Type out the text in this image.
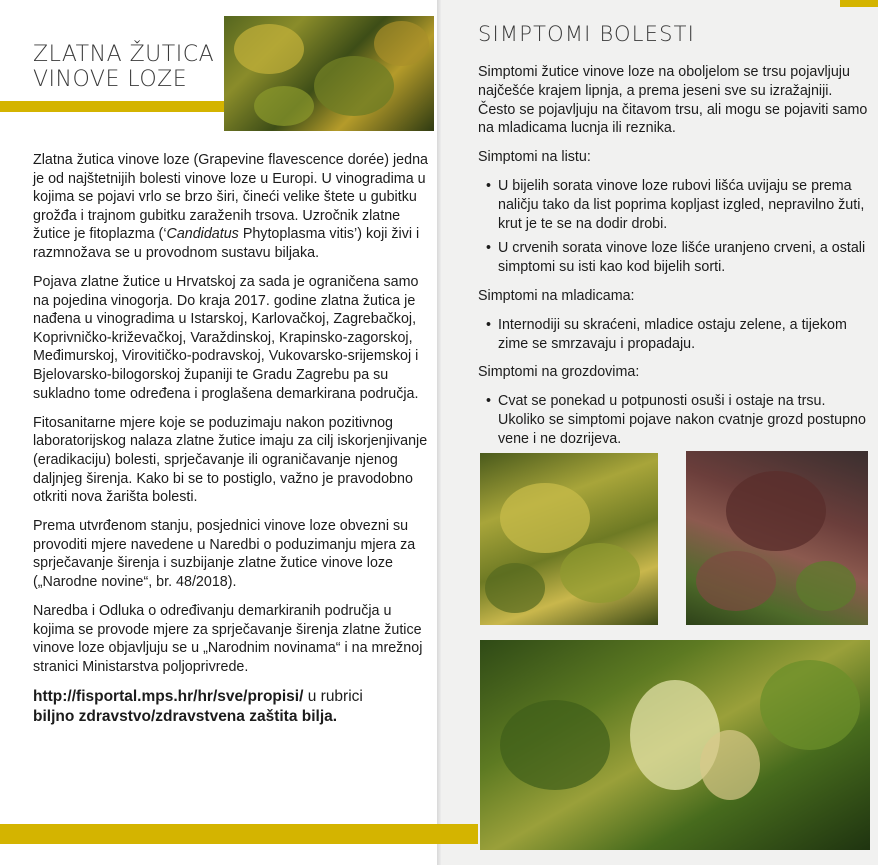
ZLATNA ŽUTICA
VINOVE LOZE

Zlatna žutica vinove loze (Grapevine flavescence dorée) jedna je od najštetnijih bolesti vinove loze u Europi. U vinogradima u kojima se pojavi vrlo se brzo širi, čineći velike štete u gubitku grožđa i trajnom gubitku zaraženih trsova. Uzročnik zlatne žutice je fitoplazma (‘Candidatus Phytoplasma vitis’) koji živi i razmnožava se u provodnom sustavu biljaka.

Pojava zlatne žutice u Hrvatskoj za sada je ograničena samo na pojedina vinogorja. Do kraja 2017. godine zlatna žutica je nađena u vinogradima u Istarskoj, Karlovačkoj, Zagrebačkoj, Koprivničko-križevačkoj, Varaždinskoj, Krapinsko-zagorskoj, Međimurskoj, Virovitičko-podravskoj, Vukovarsko-srijemskoj i Bjelovarsko-bilogorskoj županiji te Gradu Zagrebu pa su sukladno tome određena i proglašena demarkirana područja.

Fitosanitarne mjere koje se poduzimaju nakon pozitivnog laboratorijskog nalaza zlatne žutice imaju za cilj iskorjenjivanje (eradikaciju) bolesti, sprječavanje ili ograničavanje njenog daljnjeg širenja. Kako bi se to postiglo, važno je pravodobno otkriti nova žarišta bolesti.

Prema utvrđenom stanju, posjednici vinove loze obvezni su provoditi mjere navedene u Naredbi o poduzimanju mjera za sprječavanje širenja i suzbijanje zlatne žutice vinove loze („Narodne novine“, br. 48/2018).

Naredba i Odluka o određivanju demarkiranih područja u kojima se provode mjere za sprječavanje širenja zlatne žutice vinove loze objavljuju se u „Narodnim novinama“ i na mrežnoj stranici Ministarstva poljoprivrede.

http://fisportal.mps.hr/hr/sve/propisi/ u rubrici
biljno zdravstvo/zdravstvena zaštita bilja.
SIMPTOMI BOLESTI

Simptomi žutice vinove loze na oboljelom se trsu pojavljuju najčešće krajem lipnja, a prema jeseni sve su izražajniji. Često se pojavljuju na čitavom trsu, ali mogu se pojaviti samo na mladicama lucnja ili reznika.

Simptomi na listu:

• U bijelih sorata vinove loze rubovi lišća uvijaju se prema naličju tako da list poprima kopljast izgled, nepravilno žuti, krut je te se na dodir drobi.
• U crvenih sorata vinove loze lišće uranjeno crveni, a ostali simptomi su isti kao kod bijelih sorti.

Simptomi na mladicama:

• Internodiji su skraćeni, mladice ostaju zelene, a tijekom zime se smrzavaju i propadaju.

Simptomi na grozdovima:

• Cvat se ponekad u potpunosti osuši i ostaje na trsu. Ukoliko se simptomi pojave nakon cvatnje grozd postupno vene i ne dozrijeva.
